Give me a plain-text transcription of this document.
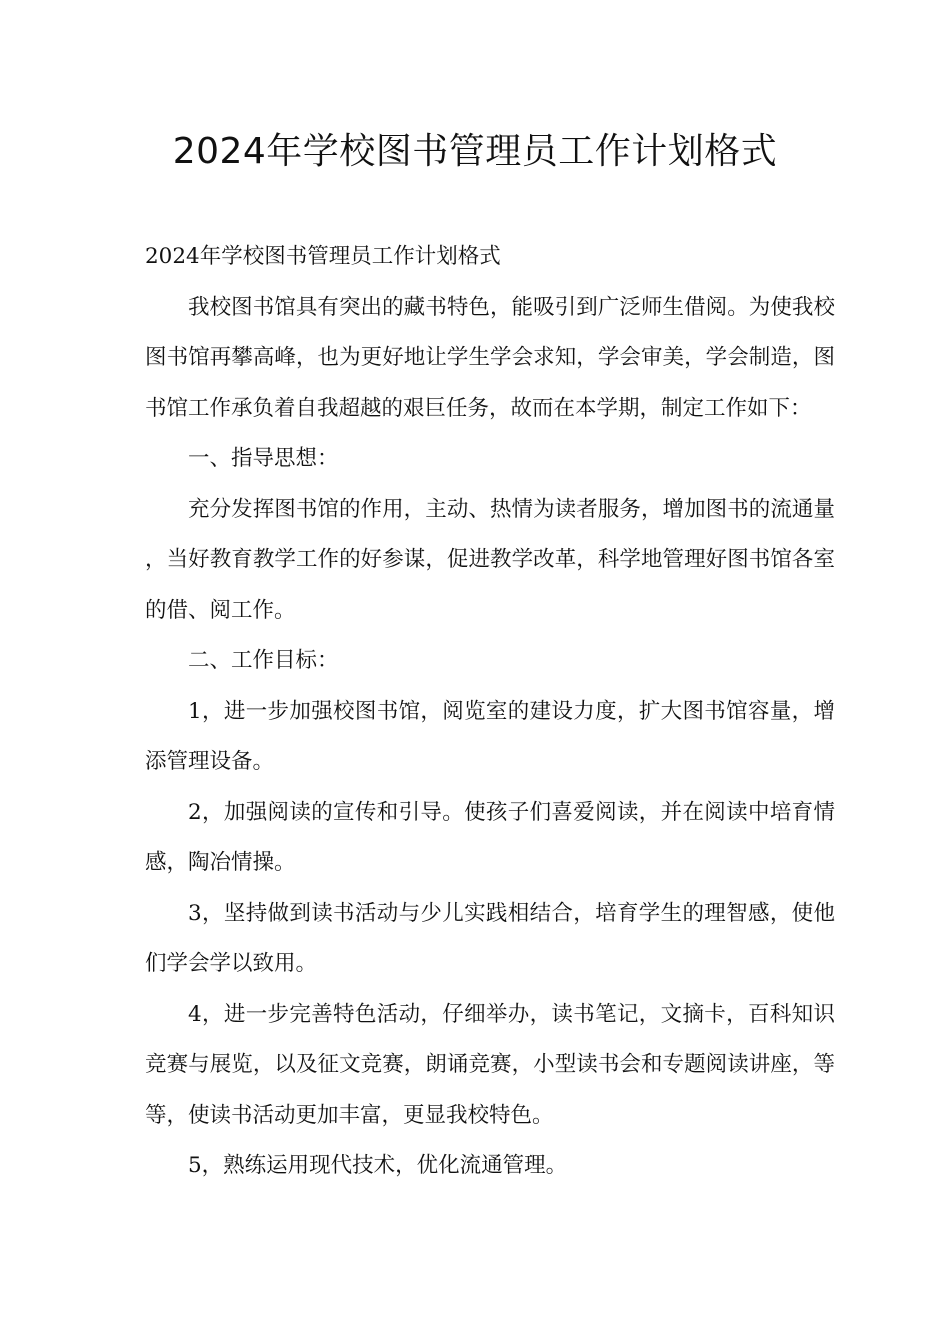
2024年学校图书管理员工作计划格式

2024年学校图书管理员工作计划格式

我校图书馆具有突出的藏书特色，能吸引到广泛师生借阅。为使我校图书馆再攀高峰，也为更好地让学生学会求知，学会审美，学会制造，图书馆工作承负着自我超越的艰巨任务，故而在本学期，制定工作如下：

一、指导思想：

充分发挥图书馆的作用，主动、热情为读者服务，增加图书的流通量，当好教育教学工作的好参谋，促进教学改革，科学地管理好图书馆各室的借、阅工作。

二、工作目标：

1，进一步加强校图书馆，阅览室的建设力度，扩大图书馆容量，增添管理设备。

2，加强阅读的宣传和引导。使孩子们喜爱阅读，并在阅读中培育情感，陶冶情操。

3，坚持做到读书活动与少儿实践相结合，培育学生的理智感，使他们学会学以致用。

4，进一步完善特色活动，仔细举办，读书笔记，文摘卡，百科知识竞赛与展览，以及征文竞赛，朗诵竞赛，小型读书会和专题阅读讲座，等等，使读书活动更加丰富，更显我校特色。

5，熟练运用现代技术，优化流通管理。
